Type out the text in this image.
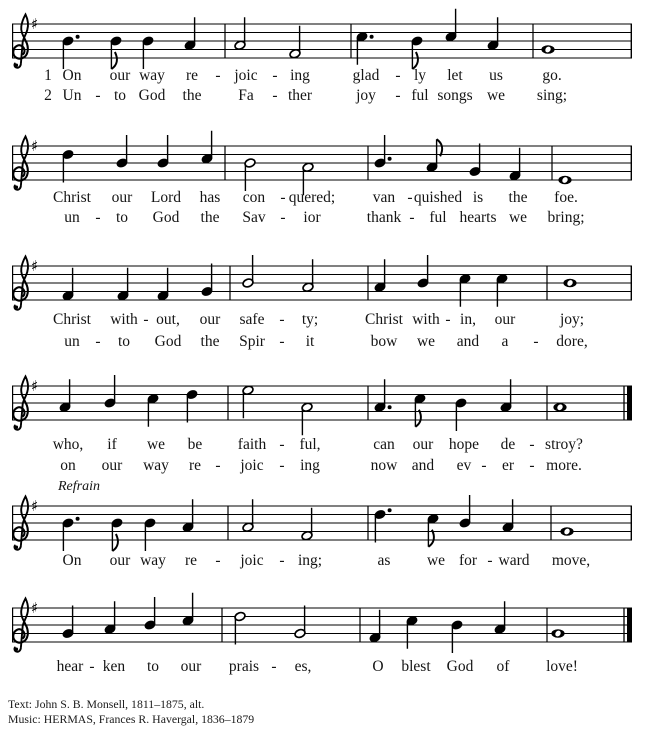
♯
♯
♯
♯
♯
♯
1 On our way re - joic - ing	glad - ly let us	go.
2 Un - to God the Fa - ther	joy - ful songs we sing;
Christ our Lord has con - quered; van - quished is the foe.
un - to God the Sav - ior	thank - ful hearts we bring;
Christ with - out, our safe - ty;	Christ with - in, our	joy;
un - to God the Spir - it	bow we and a - dore,
who, if we be faith - ful,	can our hope de - stroy?
on our way re - joic - ing	now and ev - er - more.
On our way re - joic - ing;	as we for - ward move,
hear - ken to our prais - es,	O blest God of love!
Refrain
Text: John S. B. Monsell, 1811–1875, alt.
Music: HERMAS, Frances R. Havergal, 1836–1879
